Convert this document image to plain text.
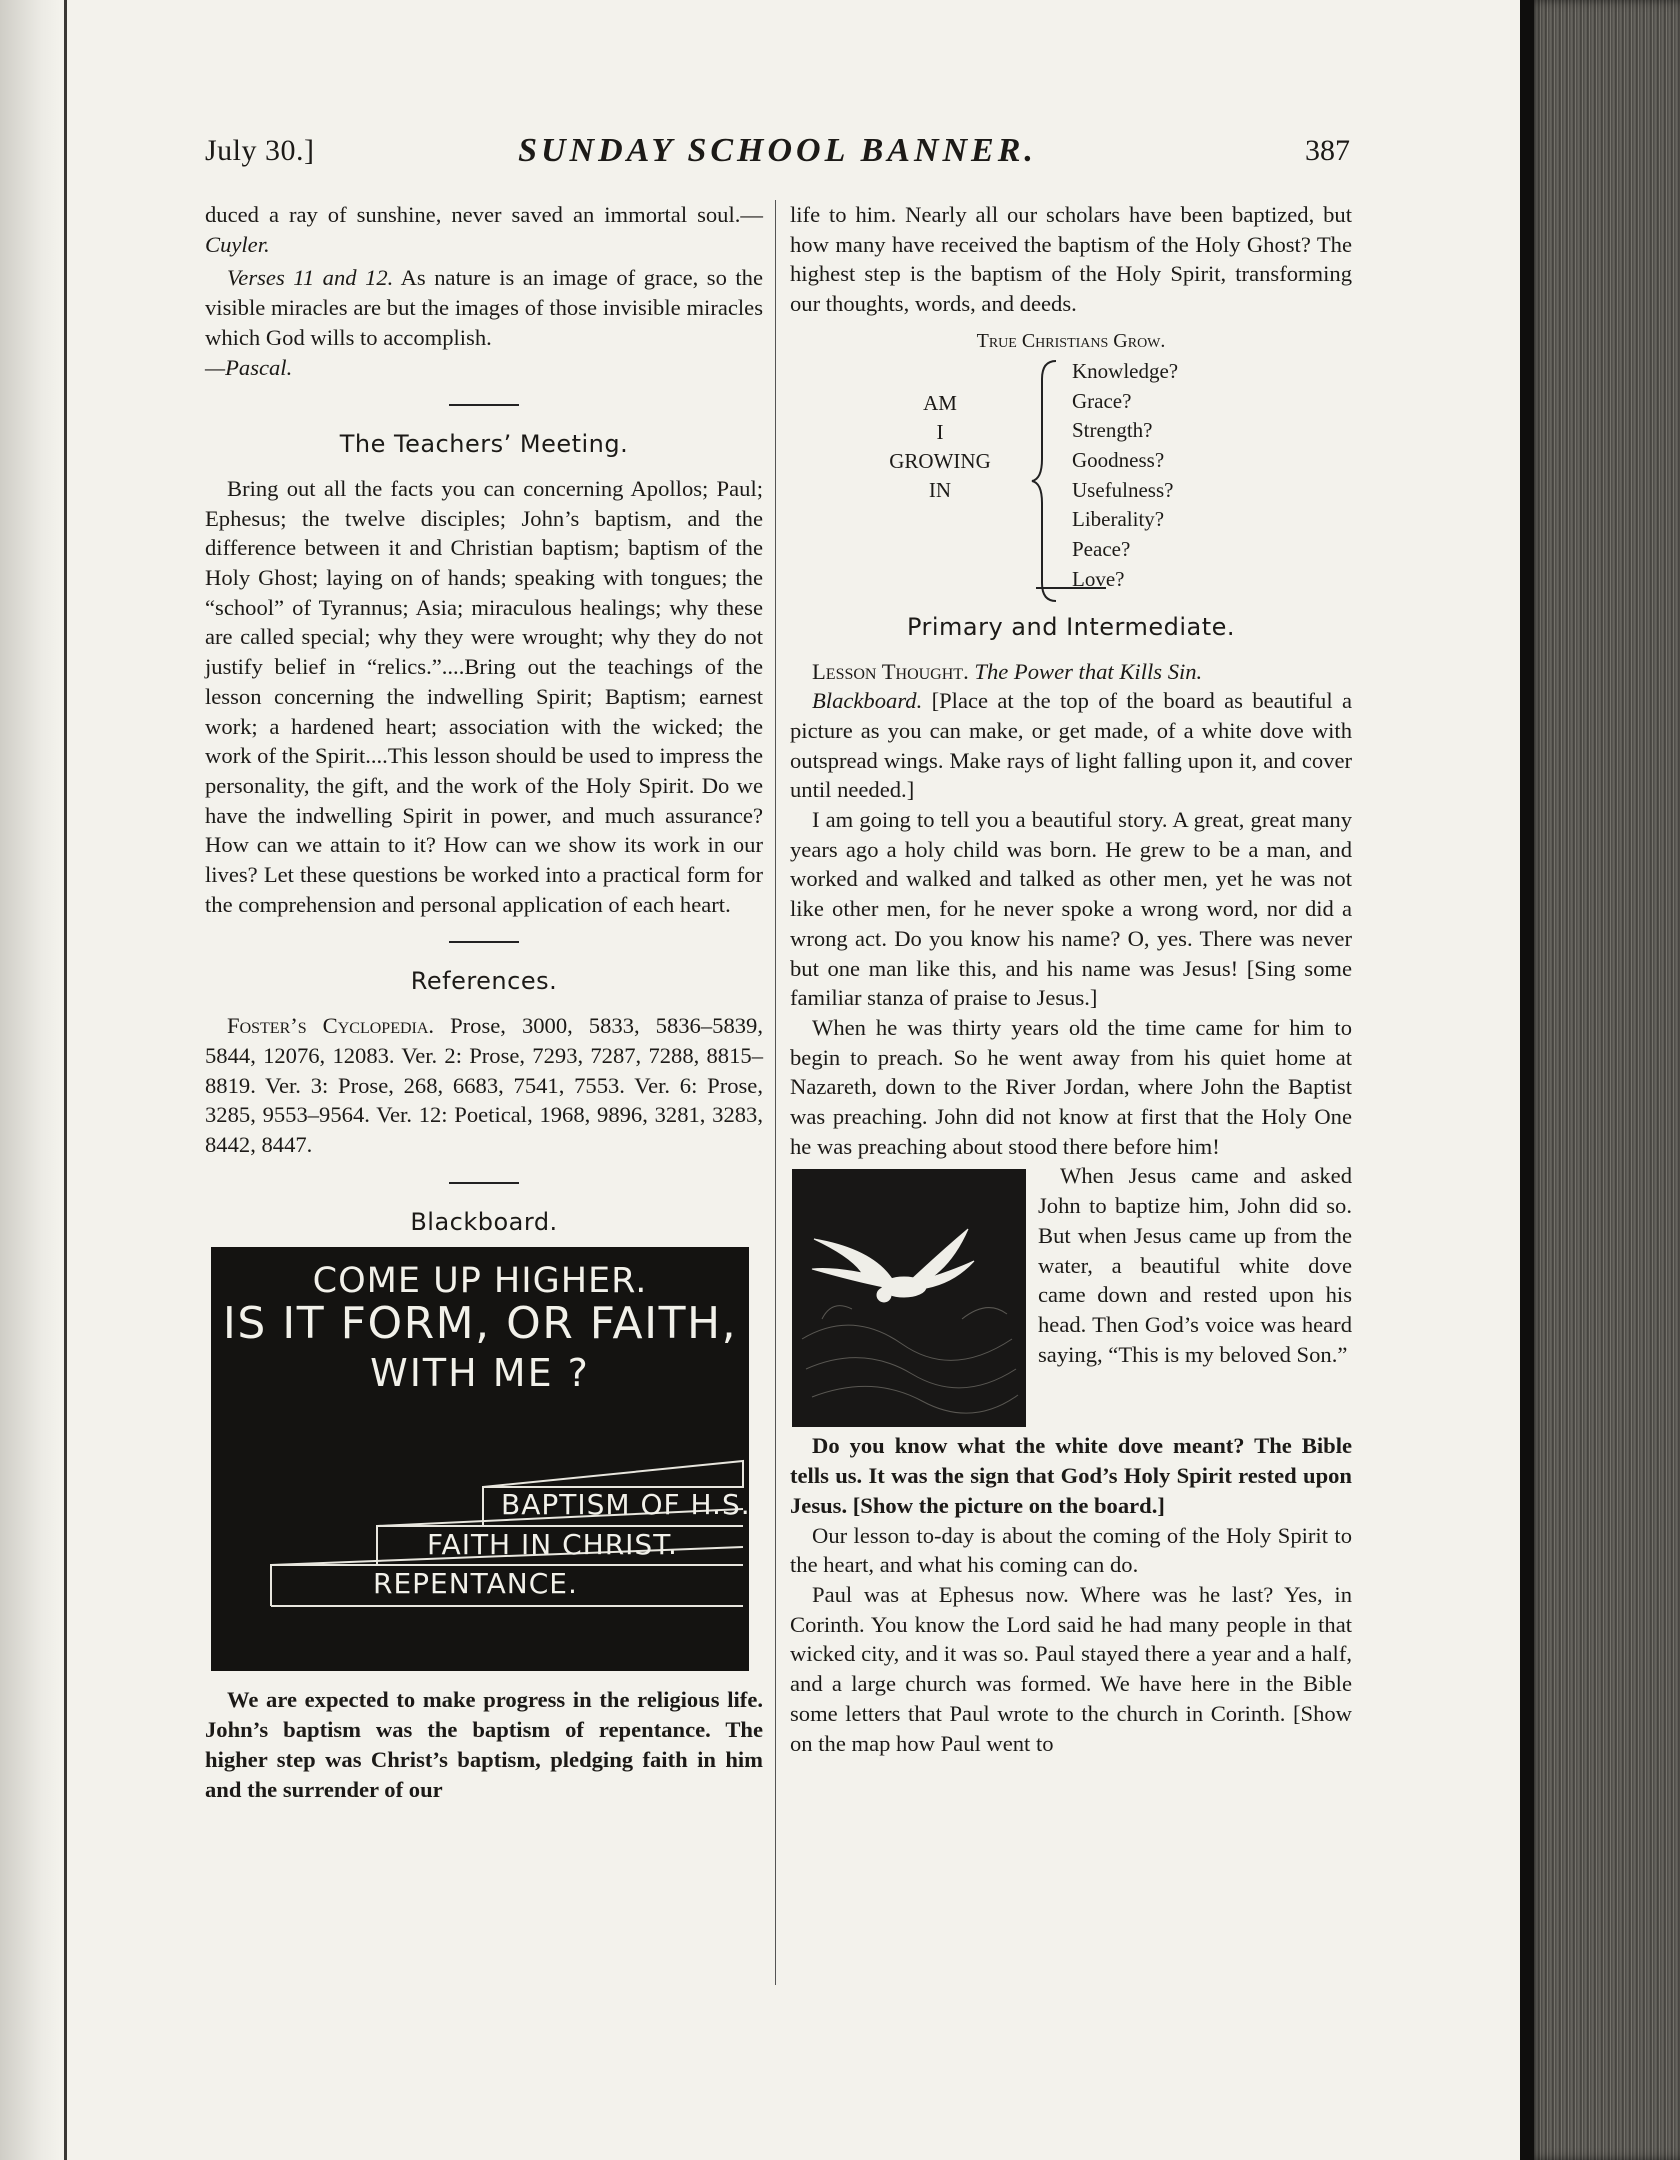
July 30.]	SUNDAY SCHOOL BANNER.	387

duced a ray of sunshine, never saved an immortal soul.—Cuyler.

Verses 11 and 12. As nature is an image of grace, so the visible miracles are but the images of those invisible miracles which God wills to accomplish.
—Pascal.

The Teachers’ Meeting.

Bring out all the facts you can concerning Apollos; Paul; Ephesus; the twelve disciples; John’s baptism, and the difference between it and Christian baptism; baptism of the Holy Ghost; laying on of hands; speaking with tongues; the “school” of Tyrannus; Asia; miraculous healings; why these are called special; why they were wrought; why they do not justify belief in “relics.”....Bring out the teachings of the lesson concerning the indwelling Spirit; Baptism; earnest work; a hardened heart; association with the wicked; the work of the Spirit....This lesson should be used to impress the personality, the gift, and the work of the Holy Spirit. Do we have the indwelling Spirit in power, and much assurance? How can we attain to it? How can we show its work in our lives? Let these questions be worked into a practical form for the comprehension and personal application of each heart.

References.

Foster’s Cyclopedia. Prose, 3000, 5833, 5836–5839, 5844, 12076, 12083. Ver. 2: Prose, 7293, 7287, 7288, 8815–8819. Ver. 3: Prose, 268, 6683, 7541, 7553. Ver. 6: Prose, 3285, 9553–9564. Ver. 12: Poetical, 1968, 9896, 3281, 3283, 8442, 8447.

Blackboard.
COME UP HIGHER.
IS IT FORM, OR FAITH,
WITH ME ?
BAPTISM OF H.S.
FAITH IN CHRIST.
REPENTANCE.

We are expected to make progress in the religious life. John’s baptism was the baptism of repentance. The higher step was Christ’s baptism, pledging faith in him and the surrender of our

life to him. Nearly all our scholars have been baptized, but how many have received the baptism of the Holy Ghost? The highest step is the baptism of the Holy Spirit, transforming our thoughts, words, and deeds.

True Christians Grow.
AM
I
GROWING
IN
Knowledge?
Grace?
Strength?
Goodness?
Usefulness?
Liberality?
Peace?
Love?
Primary and Intermediate.

Lesson Thought. The Power that Kills Sin.

Blackboard. [Place at the top of the board as beautiful a picture as you can make, or get made, of a white dove with outspread wings. Make rays of light falling upon it, and cover until needed.]

I am going to tell you a beautiful story. A great, great many years ago a holy child was born. He grew to be a man, and worked and walked and talked as other men, yet he was not like other men, for he never spoke a wrong word, nor did a wrong act. Do you know his name? O, yes. There was never but one man like this, and his name was Jesus! [Sing some familiar stanza of praise to Jesus.]

When he was thirty years old the time came for him to begin to preach. So he went away from his quiet home at Nazareth, down to the River Jordan, where John the Baptist was preaching. John did not know at first that the Holy One he was preaching about stood there before him!

When Jesus came and asked John to baptize him, John did so. But when Jesus came up from the water, a beautiful white dove came down and rested upon his head. Then God’s voice was heard saying, “This is my beloved Son.”

Do you know what the white dove meant? The Bible tells us. It was the sign that God’s Holy Spirit rested upon Jesus. [Show the picture on the board.]

Our lesson to-day is about the coming of the Holy Spirit to the heart, and what his coming can do.

Paul was at Ephesus now. Where was he last? Yes, in Corinth. You know the Lord said he had many people in that wicked city, and it was so. Paul stayed there a year and a half, and a large church was formed. We have here in the Bible some letters that Paul wrote to the church in Corinth. [Show on the map how Paul went to
